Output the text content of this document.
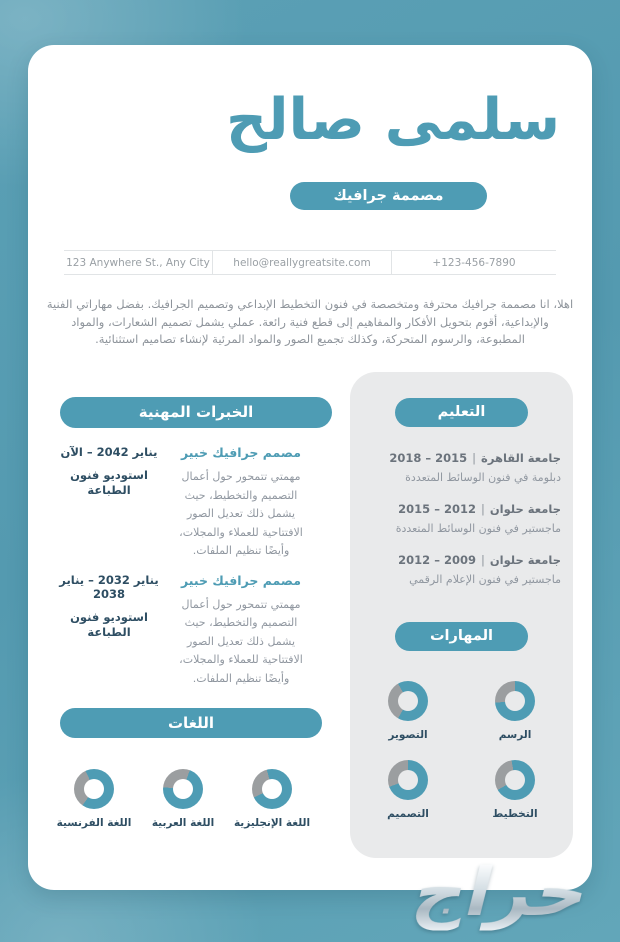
سلمى صالح
مصممة جرافيك
123 Anywhere St., Any City	hello@reallygreatsite.com	+123-456-7890

اهلا، انا مصممة جرافيك محترفة ومتخصصة في فنون التخطيط الإبداعي وتصميم الجرافيك. بفضل مهاراتي الفنية والإبداعية، أقوم بتحويل الأفكار والمفاهيم إلى قطع فنية رائعة. عملي يشمل تصميم الشعارات، والمواد المطبوعة، والرسوم المتحركة، وكذلك تجميع الصور والمواد المرئية لإنشاء تصاميم استثنائية.

الخبرات المهنية
مصمم جرافيك خبير
مهمتي تتمحور حول أعمال التصميم والتخطيط، حيث يشمل ذلك تعديل الصور الافتتاحية للعملاء والمجلات، وأيضًا تنظيم الملفات.
يناير 2042 – الآن
استوديو فنون الطباعة
مصمم جرافيك خبير
مهمتي تتمحور حول أعمال التصميم والتخطيط، حيث يشمل ذلك تعديل الصور الافتتاحية للعملاء والمجلات، وأيضًا تنظيم الملفات.
يناير 2032 – يناير 2038
استوديو فنون الطباعة
اللغات
اللغة الإنجليزية
اللغة العربية
اللغة الفرنسية
التعليم
جامعة القاهرة|2015 – 2018
دبلومة في فنون الوسائط المتعددة
جامعة حلوان|2012 – 2015
ماجستير في فنون الوسائط المتعددة
جامعة حلوان|2009 – 2012
ماجستير في فنون الإعلام الرقمي
المهارات
الرسم
التصوير
التخطيط
التصميم
حراج
